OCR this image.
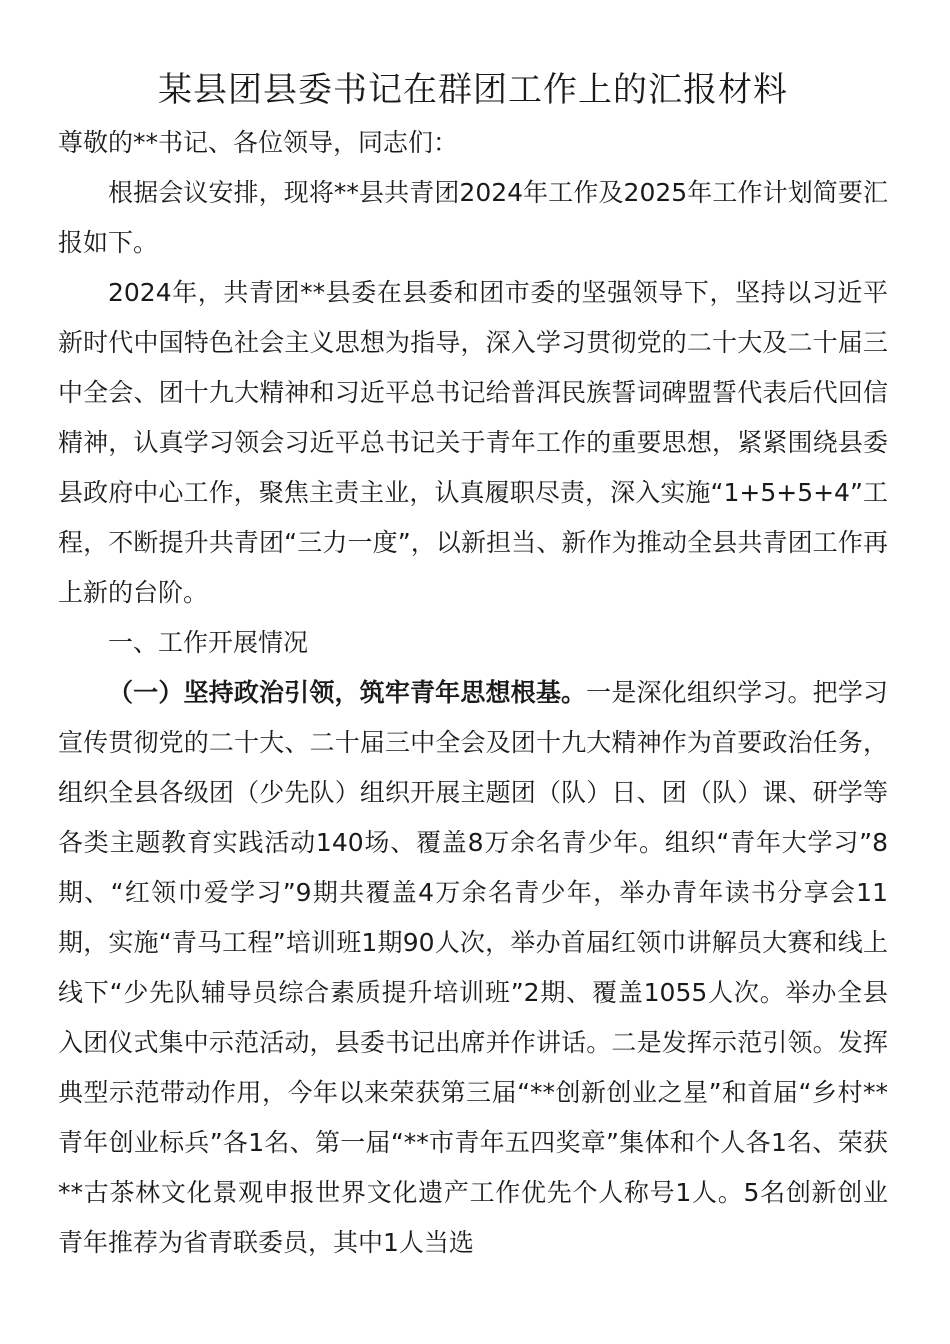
某县团县委书记在群团工作上的汇报材料

尊敬的**书记、各位领导，同志们：

根据会议安排，现将**县共青团2024年工作及2025年工作计划简要汇报如下。

2024年，共青团**县委在县委和团市委的坚强领导下，坚持以习近平新时代中国特色社会主义思想为指导，深入学习贯彻党的二十大及二十届三中全会、团十九大精神和习近平总书记给普洱民族誓词碑盟誓代表后代回信精神，认真学习领会习近平总书记关于青年工作的重要思想，紧紧围绕县委县政府中心工作，聚焦主责主业，认真履职尽责，深入实施“1+5+5+4”工程，不断提升共青团“三力一度”，以新担当、新作为推动全县共青团工作再上新的台阶。

一、工作开展情况

（一）坚持政治引领，筑牢青年思想根基。一是深化组织学习。把学习宣传贯彻党的二十大、二十届三中全会及团十九大精神作为首要政治任务，组织全县各级团（少先队）组织开展主题团（队）日、团（队）课、研学等各类主题教育实践活动140场、覆盖8万余名青少年。组织“青年大学习”8期、“红领巾爱学习”9期共覆盖4万余名青少年，举办青年读书分享会11期，实施“青马工程”培训班1期90人次，举办首届红领巾讲解员大赛和线上线下“少先队辅导员综合素质提升培训班”2期、覆盖1055人次。举办全县入团仪式集中示范活动，县委书记出席并作讲话。二是发挥示范引领。发挥典型示范带动作用，今年以来荣获第三届“**创新创业之星”和首届“乡村**青年创业标兵”各1名、第一届“**市青年五四奖章”集体和个人各1名、荣获**古茶林文化景观申报世界文化遗产工作优先个人称号1人。5名创新创业青年推荐为省青联委员，其中1人当选
